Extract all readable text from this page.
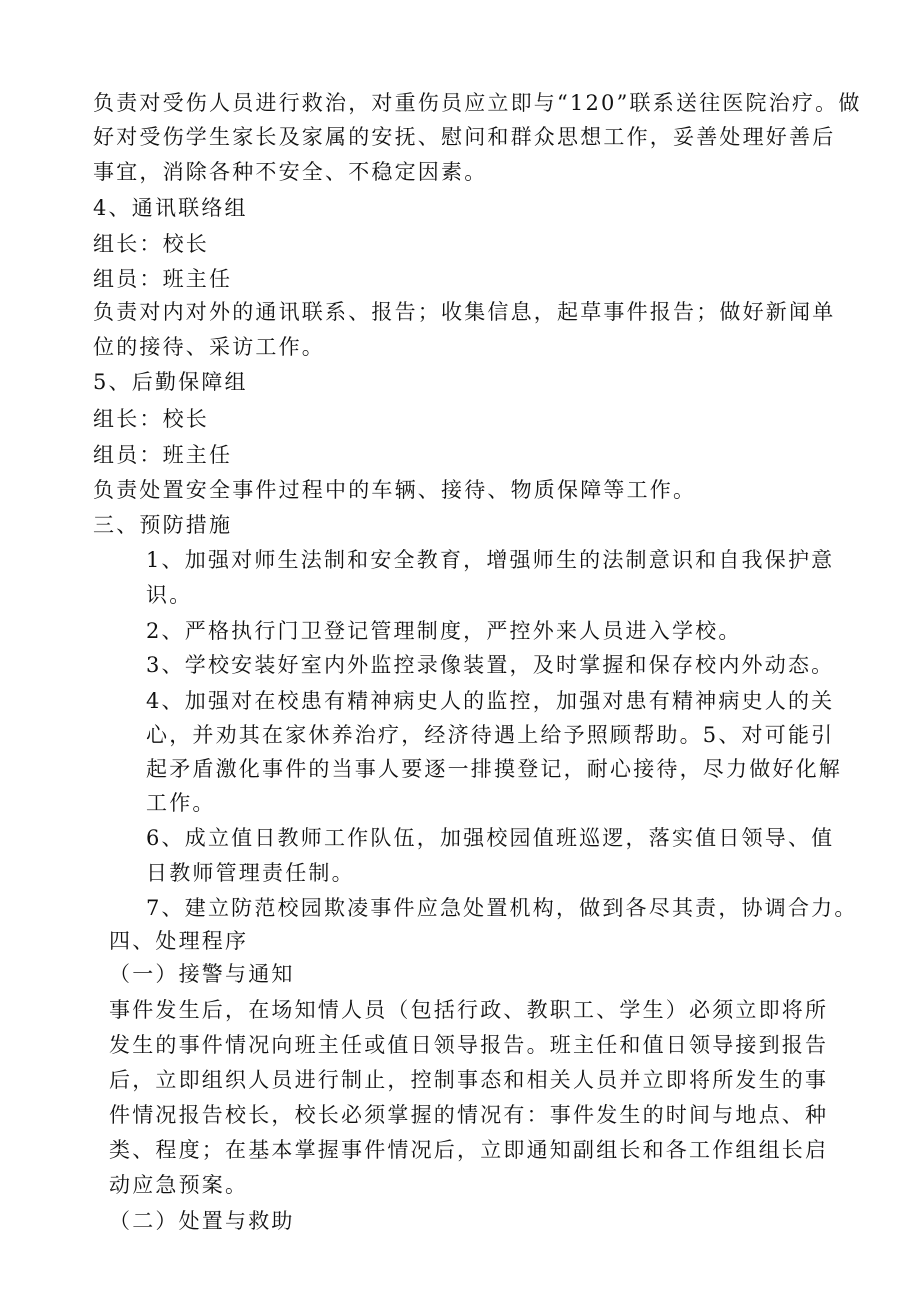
负责对受伤人员进行救治，对重伤员应立即与“120”联系送往医院治疗。做
好对受伤学生家长及家属的安抚、慰问和群众思想工作，妥善处理好善后
事宜，消除各种不安全、不稳定因素。
4、通讯联络组
组长：校长
组员：班主任
负责对内对外的通讯联系、报告；收集信息，起草事件报告；做好新闻单
位的接待、采访工作。
5、后勤保障组
组长：校长
组员：班主任
负责处置安全事件过程中的车辆、接待、物质保障等工作。
三、预防措施
1、加强对师生法制和安全教育，增强师生的法制意识和自我保护意
识。
2、严格执行门卫登记管理制度，严控外来人员进入学校。
3、学校安装好室内外监控录像装置，及时掌握和保存校内外动态。
4、加强对在校患有精神病史人的监控，加强对患有精神病史人的关
心，并劝其在家休养治疗，经济待遇上给予照顾帮助。5、对可能引
起矛盾激化事件的当事人要逐一排摸登记，耐心接待，尽力做好化解
工作。
6、成立值日教师工作队伍，加强校园值班巡逻，落实值日领导、值
日教师管理责任制。
7、建立防范校园欺凌事件应急处置机构，做到各尽其责，协调合力。
四、处理程序
（一）接警与通知
事件发生后，在场知情人员（包括行政、教职工、学生）必须立即将所
发生的事件情况向班主任或值日领导报告。班主任和值日领导接到报告
后，立即组织人员进行制止，控制事态和相关人员并立即将所发生的事
件情况报告校长，校长必须掌握的情况有：事件发生的时间与地点、种
类、程度；在基本掌握事件情况后，立即通知副组长和各工作组组长启
动应急预案。
（二）处置与救助
